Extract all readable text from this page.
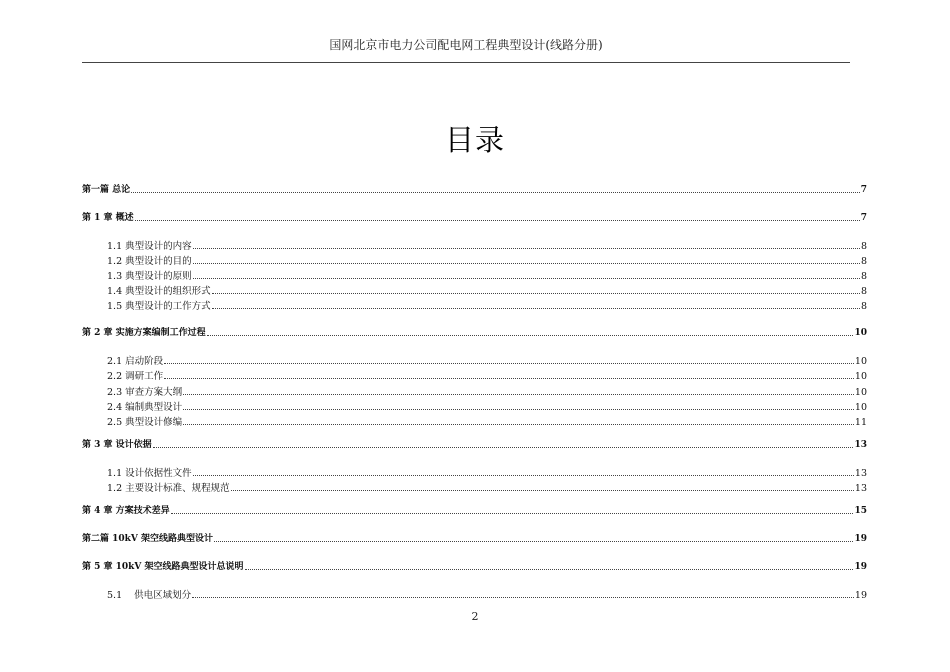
国网北京市电力公司配电网工程典型设计(线路分册)
目录
第一篇 总论	7
第 1 章 概述	7
1.1 典型设计的内容	8
1.2 典型设计的目的	8
1.3 典型设计的原则	8
1.4 典型设计的组织形式	8
1.5 典型设计的工作方式	8
第 2 章 实施方案编制工作过程	10
2.1 启动阶段	10
2.2 调研工作	10
2.3 审查方案大纲	10
2.4 编制典型设计	10
2.5 典型设计修编	11
第 3 章 设计依据	13
1.1 设计依据性文件	13
1.2 主要设计标准、规程规范	13
第 4 章 方案技术差异	15
第二篇 10kV 架空线路典型设计	19
第 5 章 10kV 架空线路典型设计总说明	19
5.1    供电区域划分	19
2
